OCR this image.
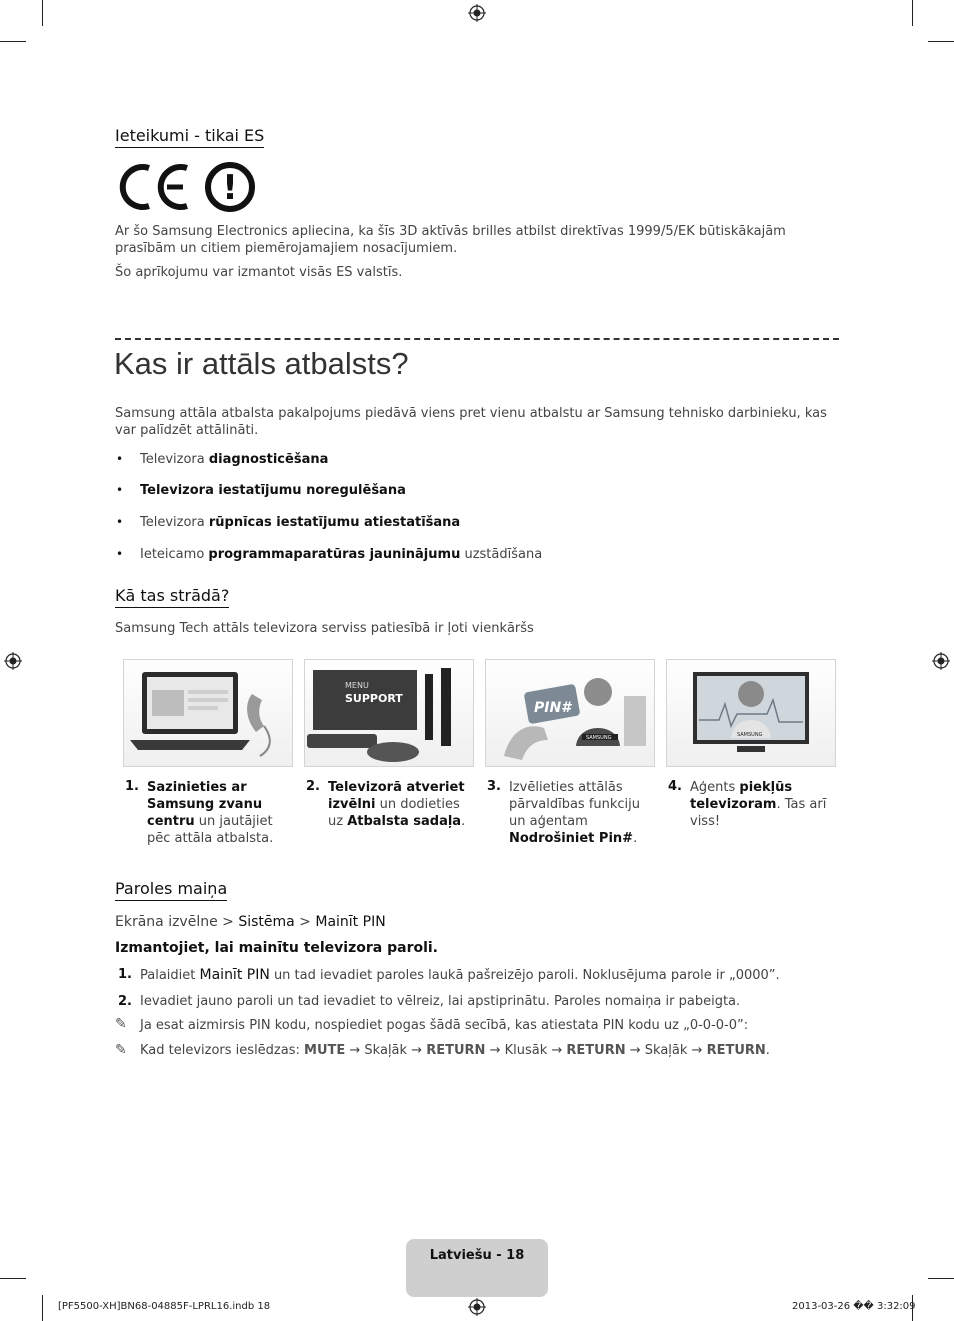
Ieteikumi - tikai ES
CE
!
Ar šo Samsung Electronics apliecina, ka šīs 3D aktīvās brilles atbilst direktīvas 1999/5/EK būtiskākajām prasībām un citiem piemērojamajiem nosacījumiem.
Šo aprīkojumu var izmantot visās ES valstīs.
Kas ir attāls atbalsts?
Samsung attāla atbalsta pakalpojums piedāvā viens pret vienu atbalstu ar Samsung tehnisko darbinieku, kas var palīdzēt attālināti.
• Televizora diagnosticēšana
• Televizora iestatījumu noregulēšana
• Televizora rūpnīcas iestatījumu atiestatīšana
• Ieteicamo programmaparatūras jauninājumu uzstādīšana
Kā tas strādā?
Samsung Tech attāls televizora serviss patiesībā ir ļoti vienkāršs
MENU
SUPPORT
PIN#
SAMSUNG	SAMSUNG
1. Sazinieties ar Samsung zvanu centru un jautājiet pēc attāla atbalsta.
2. Televizorā atveriet izvēlni un dodieties uz Atbalsta sadaļa.
3. Izvēlieties attālās pārvaldības funkciju un aģentam Nodrošiniet Pin#.
4. Aģents piekļūs televizoram. Tas arī viss!
Paroles maiņa
Ekrāna izvēlne > Sistēma > Mainīt PIN
Izmantojiet, lai mainītu televizora paroli.
1. Palaidiet Mainīt PIN un tad ievadiet paroles laukā pašreizējo paroli. Noklusējuma parole ir „0000”.
2. Ievadiet jauno paroli un tad ievadiet to vēlreiz, lai apstiprinātu. Paroles nomaiņa ir pabeigta.
✎ Ja esat aizmirsis PIN kodu, nospiediet pogas šādā secībā, kas atiestata PIN kodu uz „0-0-0-0”:
✎ Kad televizors ieslēdzas: MUTE → Skaļāk → RETURN → Klusāk → RETURN → Skaļāk → RETURN.
Latviešu - 18
[PF5500-XH]BN68-04885F-LPRL16.indb 18	2013-03-26 �� 3:32:09
